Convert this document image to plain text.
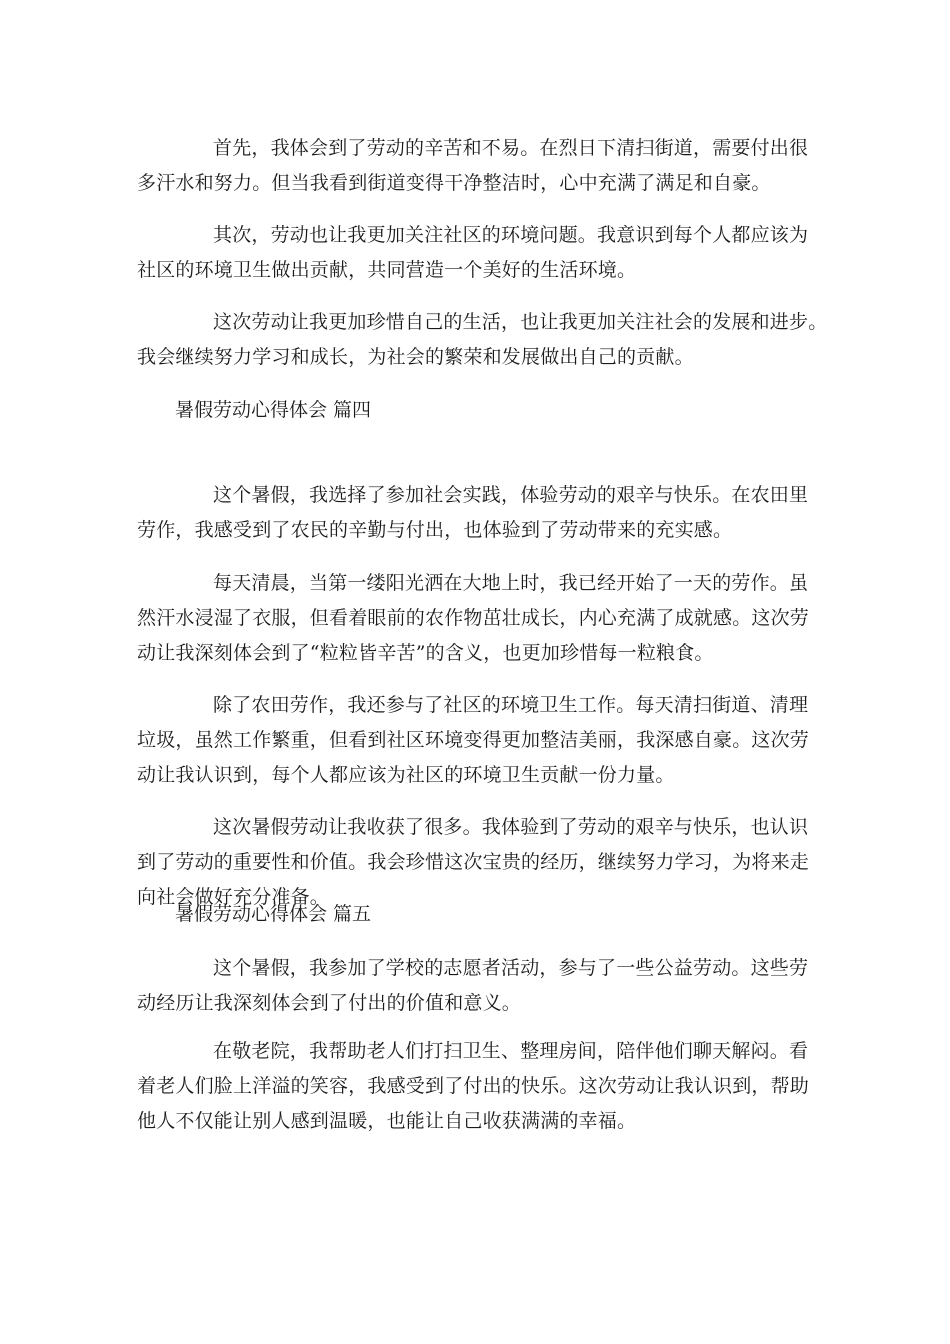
首先，我体会到了劳动的辛苦和不易。在烈日下清扫街道，需要付出很
多汗水和努力。但当我看到街道变得干净整洁时，心中充满了满足和自豪。
其次，劳动也让我更加关注社区的环境问题。我意识到每个人都应该为
社区的环境卫生做出贡献，共同营造一个美好的生活环境。
这次劳动让我更加珍惜自己的生活，也让我更加关注社会的发展和进步。
我会继续努力学习和成长，为社会的繁荣和发展做出自己的贡献。
暑假劳动心得体会 篇四
这个暑假，我选择了参加社会实践，体验劳动的艰辛与快乐。在农田里
劳作，我感受到了农民的辛勤与付出，也体验到了劳动带来的充实感。
每天清晨，当第一缕阳光洒在大地上时，我已经开始了一天的劳作。虽
然汗水浸湿了衣服，但看着眼前的农作物茁壮成长，内心充满了成就感。这次劳
动让我深刻体会到了“粒粒皆辛苦”的含义，也更加珍惜每一粒粮食。
除了农田劳作，我还参与了社区的环境卫生工作。每天清扫街道、清理
垃圾，虽然工作繁重，但看到社区环境变得更加整洁美丽，我深感自豪。这次劳
动让我认识到，每个人都应该为社区的环境卫生贡献一份力量。
这次暑假劳动让我收获了很多。我体验到了劳动的艰辛与快乐，也认识
到了劳动的重要性和价值。我会珍惜这次宝贵的经历，继续努力学习，为将来走
向社会做好充分准备。
暑假劳动心得体会 篇五
这个暑假，我参加了学校的志愿者活动，参与了一些公益劳动。这些劳
动经历让我深刻体会到了付出的价值和意义。
在敬老院，我帮助老人们打扫卫生、整理房间，陪伴他们聊天解闷。看
着老人们脸上洋溢的笑容，我感受到了付出的快乐。这次劳动让我认识到，帮助
他人不仅能让别人感到温暖，也能让自己收获满满的幸福。
